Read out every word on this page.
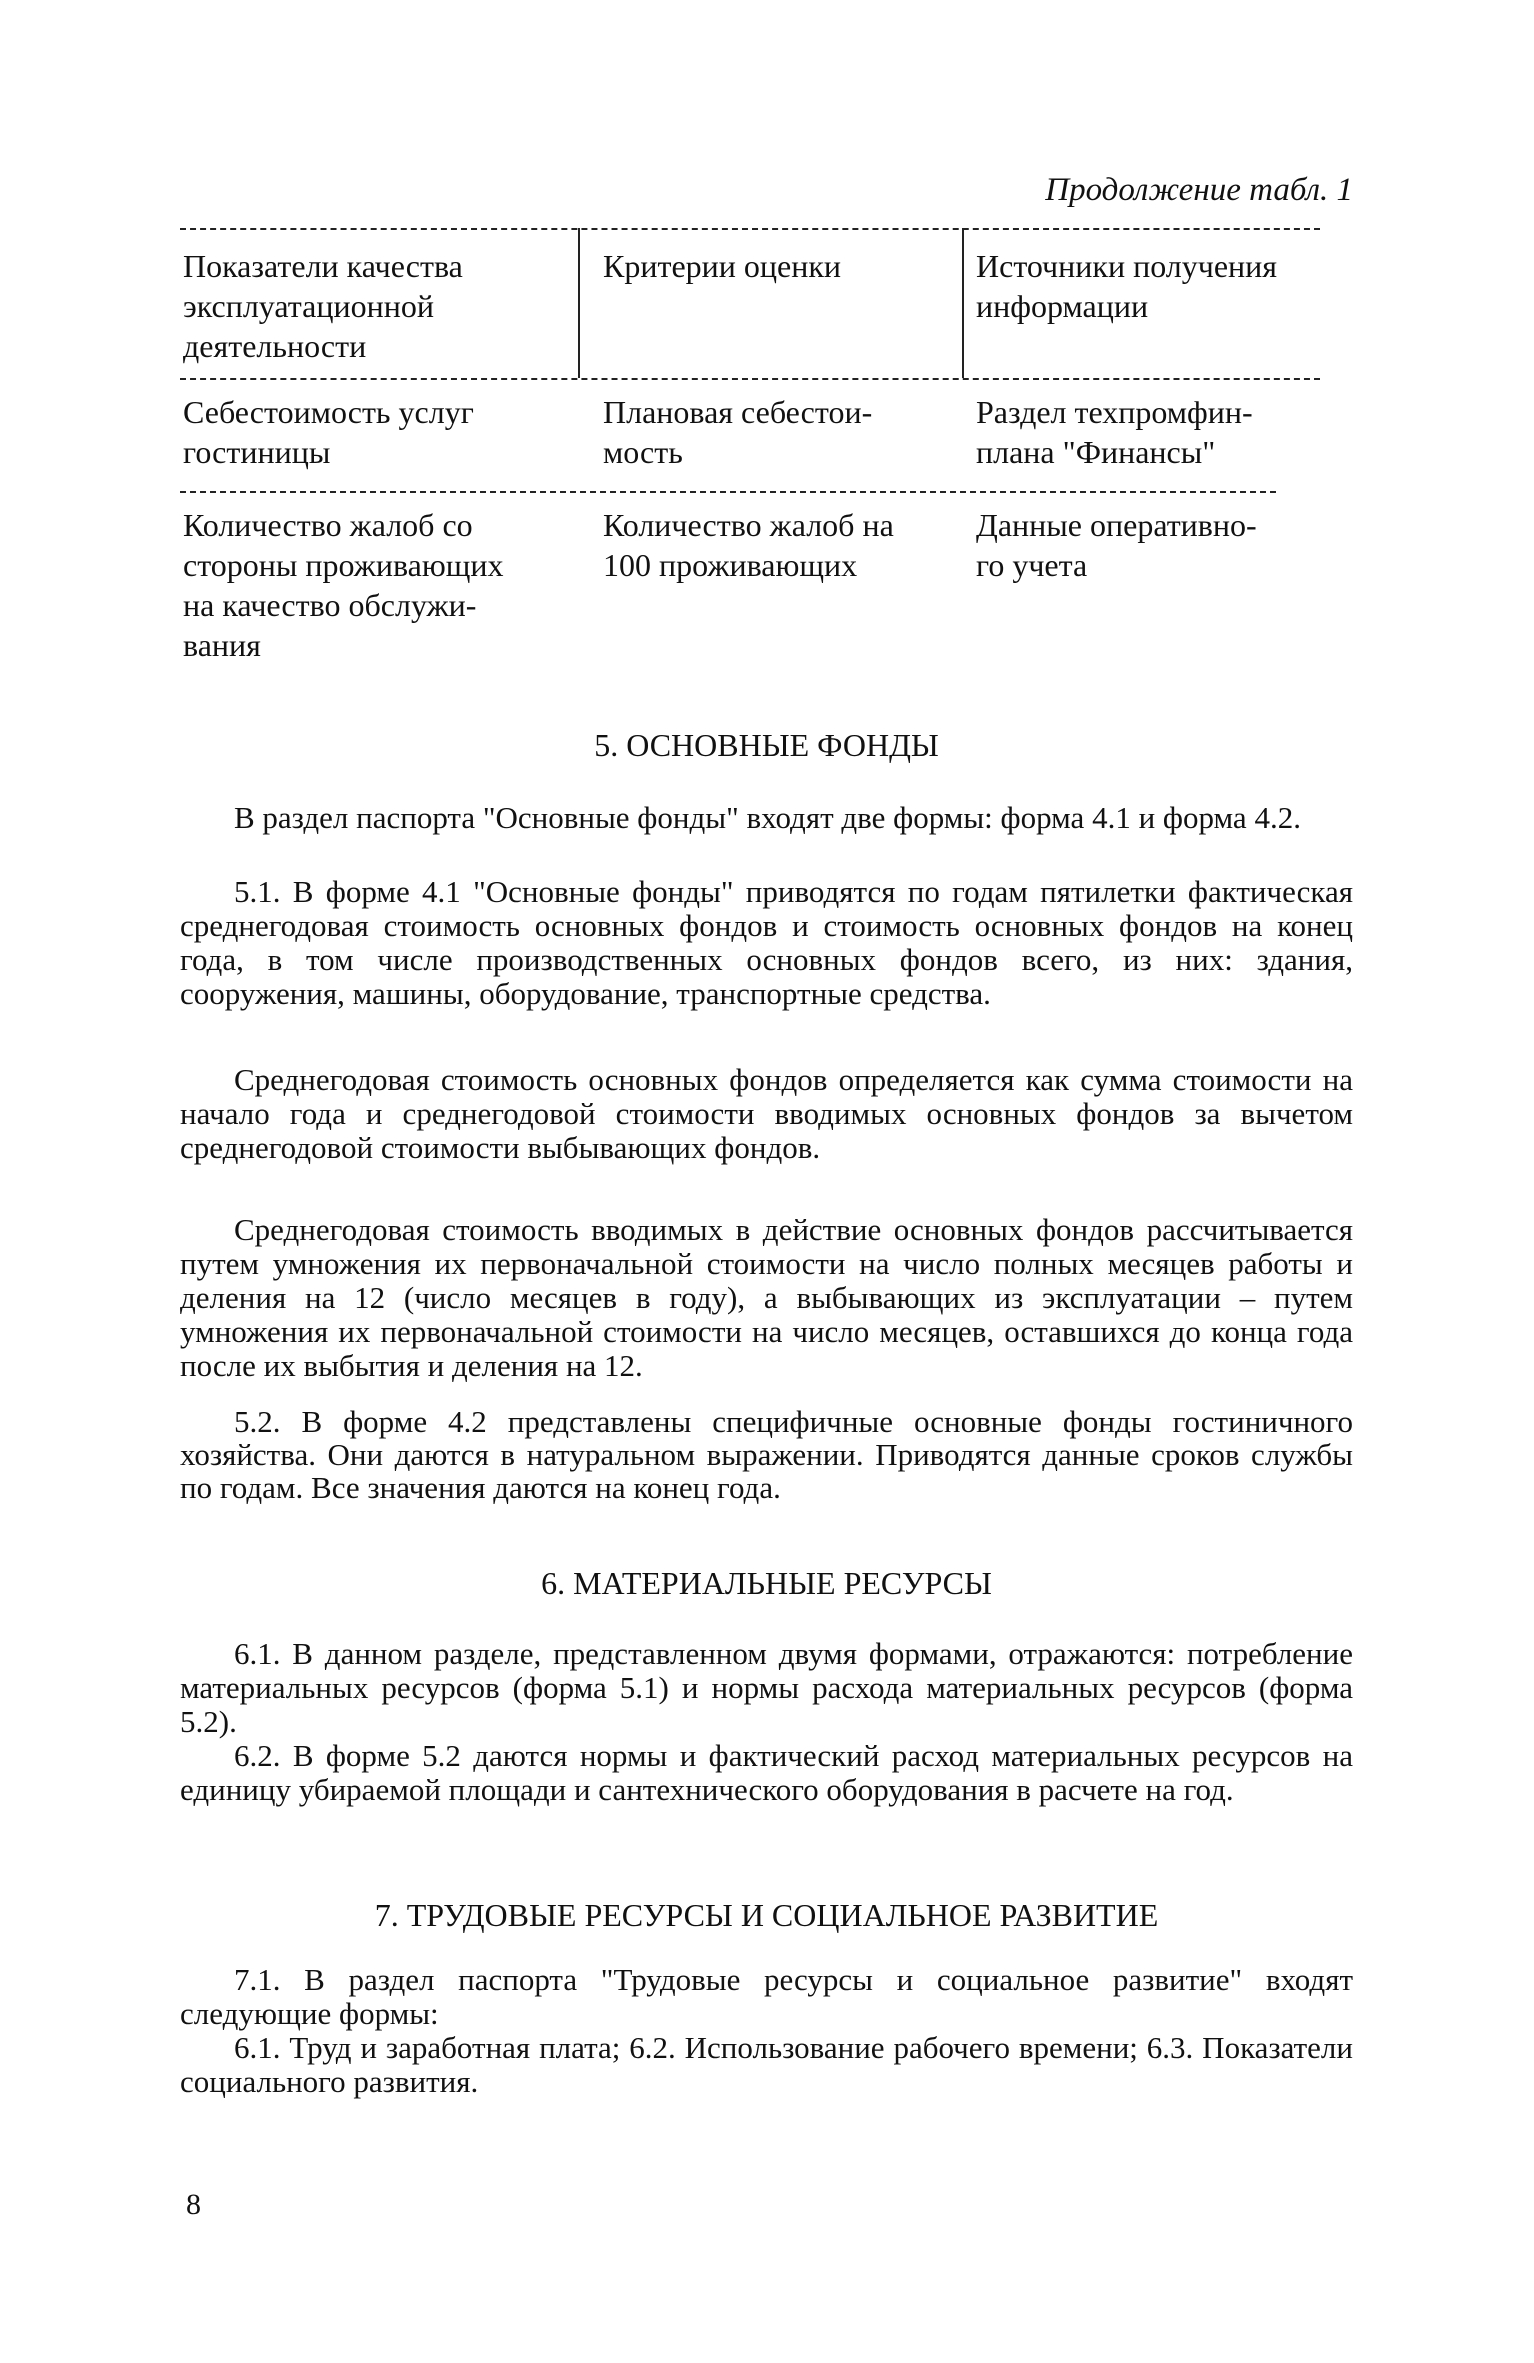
Продолжение табл. 1
Показатели качества
эксплуатационной
деятельности
Критерии оценки	Источники получения
информации
Себестоимость услуг
гостиницы
Плановая себестои-
мость
Раздел техпромфин-
плана "Финансы"
Количество жалоб со
стороны проживающих
на качество обслужи-
вания
Количество жалоб на
100 проживающих
Данные оперативно-
го учета
5. ОСНОВНЫЕ ФОНДЫ

В раздел паспорта "Основные фонды" входят две формы: форма 4.1 и форма 4.2.

5.1. В форме 4.1 "Основные фонды" приводятся по годам пятилетки фактическая среднегодовая стоимость основных фондов и стоимость основных фондов на конец года, в том числе производственных основных фондов всего, из них: здания, сооружения, машины, оборудование, транспортные средства.

Среднегодовая стоимость основных фондов определяется как сумма стоимости на начало года и среднегодовой стоимости вводимых основных фондов за вычетом среднегодовой стоимости выбывающих фондов.

Среднегодовая стоимость вводимых в действие основных фондов рассчитывается путем умножения их первоначальной стоимости на число полных месяцев работы и деления на 12 (число месяцев в году), а выбывающих из эксплуатации – путем умножения их первоначальной стоимости на число месяцев, оставшихся до конца года после их выбытия и деления на 12.

5.2. В форме 4.2 представлены специфичные основные фонды гостиничного хозяйства. Они даются в натуральном выражении. Приводятся данные сроков службы по годам. Все значения даются на конец года.

6. МАТЕРИАЛЬНЫЕ РЕСУРСЫ

6.1. В данном разделе, представленном двумя формами, отражаются: потребление материальных ресурсов (форма 5.1) и нормы расхода материальных ресурсов (форма 5.2).

6.2. В форме 5.2 даются нормы и фактический расход материальных ресурсов на единицу убираемой площади и сантехнического оборудования в расчете на год.

7. ТРУДОВЫЕ РЕСУРСЫ И СОЦИАЛЬНОЕ РАЗВИТИЕ

7.1. В раздел паспорта "Трудовые ресурсы и социальное развитие" входят следующие формы:

6.1. Труд и заработная плата; 6.2. Использование рабочего времени; 6.3. Показатели социального развития.

8
